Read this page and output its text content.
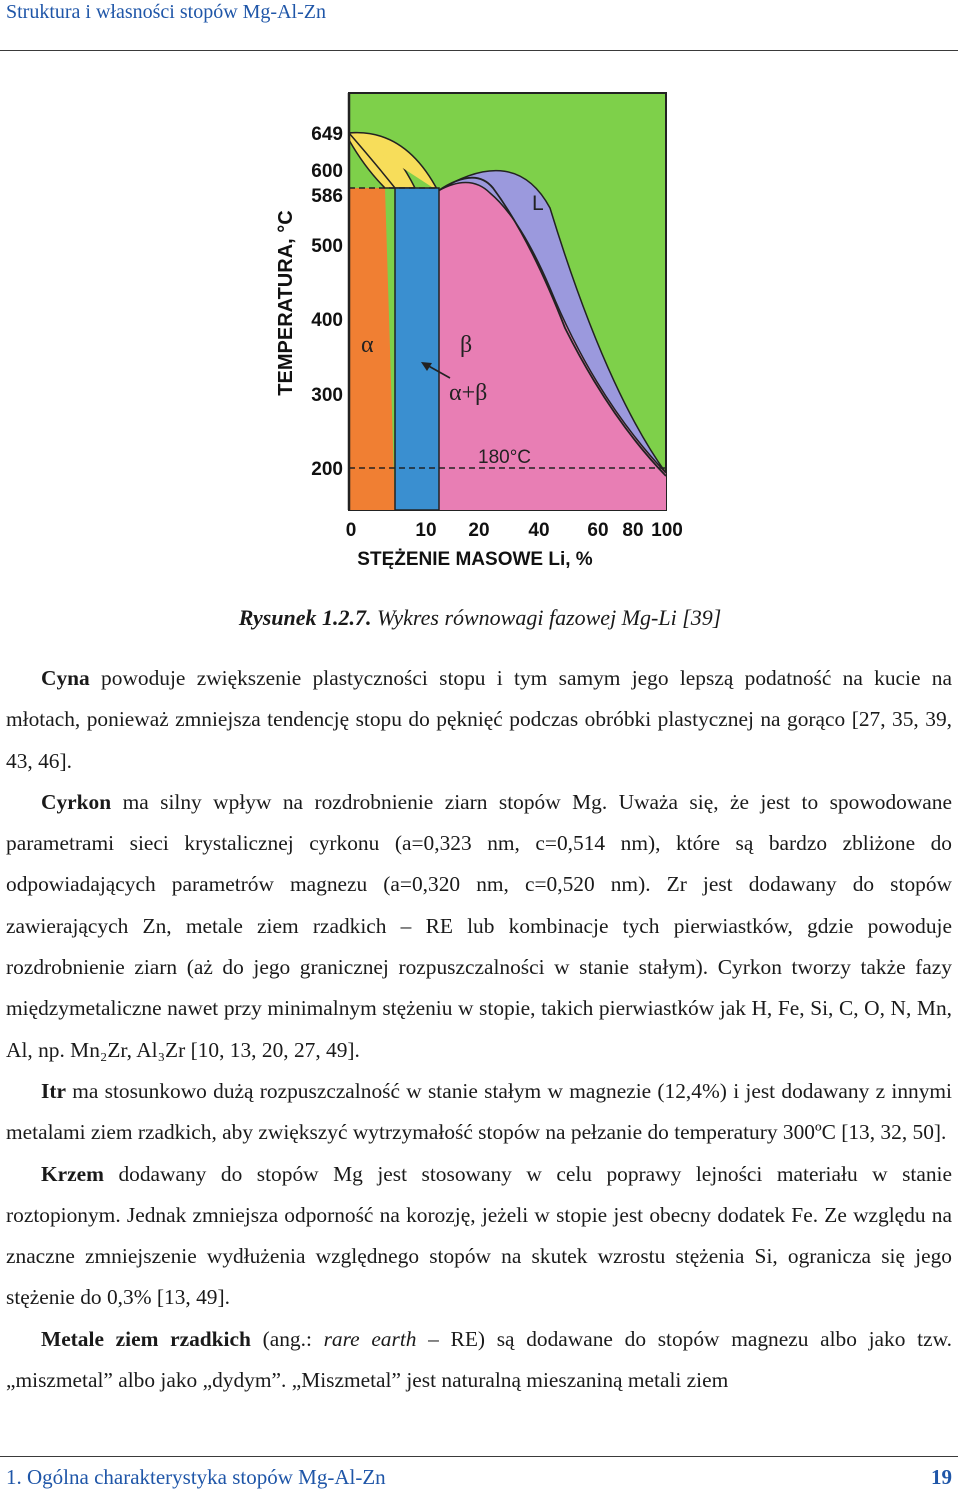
Struktura i własności stopów Mg-Al-Zn
649
600
586
500
400
300
200
0	10 20 40 60 80 100
STĘŻENIE MASOWE Li, %
TEMPERATURA, °C	α	β
α+β
L
180°C
Rysunek 1.2.7. Wykres równowagi fazowej Mg-Li [39]

Cyna powoduje zwiększenie plastyczności stopu i tym samym jego lepszą podatność na kucie na młotach, ponieważ zmniejsza tendencję stopu do pęknięć podczas obróbki plastycznej na gorąco [27, 35, 39, 43, 46].

Cyrkon ma silny wpływ na rozdrobnienie ziarn stopów Mg. Uważa się, że jest to spowodowane parametrami sieci krystalicznej cyrkonu (a=0,323 nm, c=0,514 nm), które są bardzo zbliżone do odpowiadających parametrów magnezu (a=0,320 nm, c=0,520 nm). Zr jest dodawany do stopów zawierających Zn, metale ziem rzadkich – RE lub kombinacje tych pierwiastków, gdzie powoduje rozdrobnienie ziarn (aż do jego granicznej rozpuszczalności w stanie stałym). Cyrkon tworzy także fazy międzymetaliczne nawet przy minimalnym stężeniu w stopie, takich pierwiastków jak H, Fe, Si, C, O, N, Mn, Al, np. Mn₂Zr, Al₃Zr [10, 13, 20, 27, 49].

Itr ma stosunkowo dużą rozpuszczalność w stanie stałym w magnezie (12,4%) i jest dodawany z innymi metalami ziem rzadkich, aby zwiększyć wytrzymałość stopów na pełzanie do temperatury 300ºC [13, 32, 50].

Krzem dodawany do stopów Mg jest stosowany w celu poprawy lejności materiału w stanie roztopionym. Jednak zmniejsza odporność na korozję, jeżeli w stopie jest obecny dodatek Fe. Ze względu na znaczne zmniejszenie wydłużenia względnego stopów na skutek wzrostu stężenia Si, ogranicza się jego stężenie do 0,3% [13, 49].

Metale ziem rzadkich (ang.: rare earth – RE) są dodawane do stopów magnezu albo jako tzw. „miszmetal” albo jako „dydym”. „Miszmetal” jest naturalną mieszaniną metali ziem

1. Ogólna charakterystyka stopów Mg-Al-Zn	19
